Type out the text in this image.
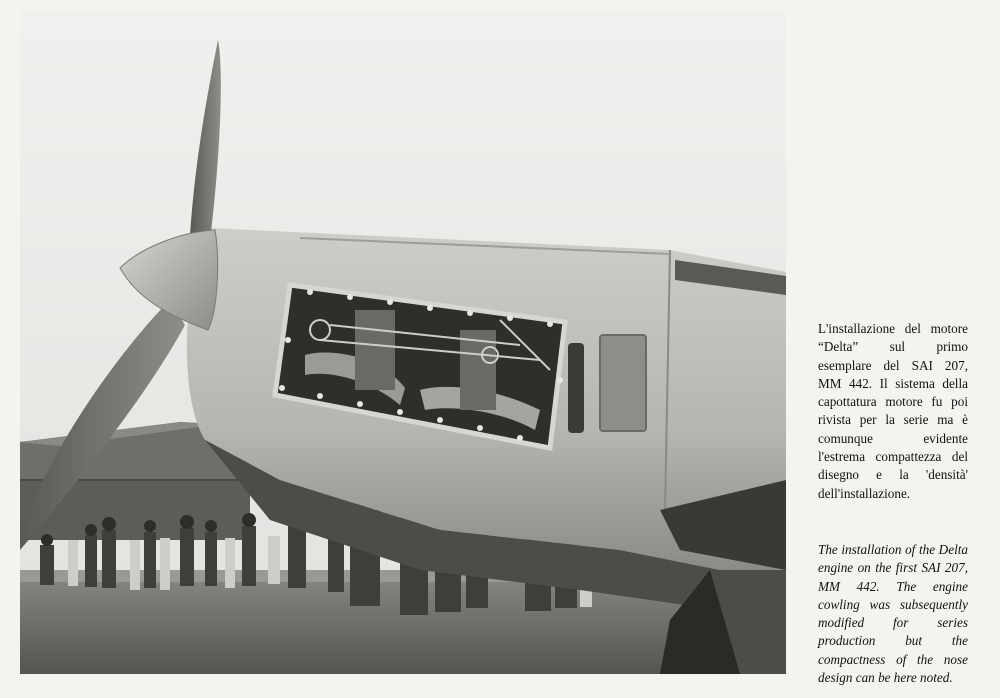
L'installazione del motore “Delta” sul primo esemplare del SAI 207, MM 442. Il sistema della capottatura motore fu poi rivista per la serie ma è comunque evidente l'estrema compattezza del disegno e la 'densità' dell'installazione.

The installation of the Delta engine on the first SAI 207, MM 442. The engine cowling was subsequently modified for series production but the compactness of the nose design can be here noted.
